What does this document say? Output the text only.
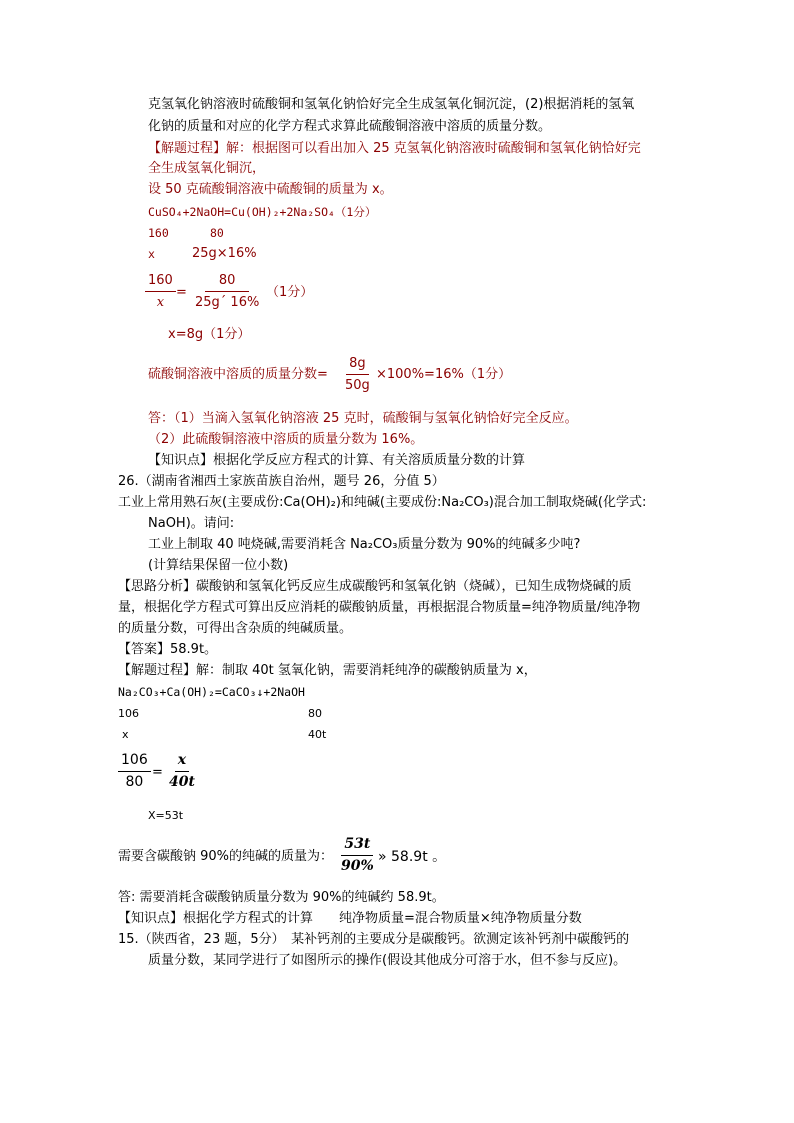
克氢氧化钠溶液时硫酸铜和氢氧化钠恰好完全生成氢氧化铜沉淀，(2)根据消耗的氢氧
化钠的质量和对应的化学方程式求算此硫酸铜溶液中溶质的质量分数。
【解题过程】解：根据图可以看出加入 25 克氢氧化钠溶液时硫酸铜和氢氧化钠恰好完
全生成氢氧化铜沉，
设 50 克硫酸铜溶液中硫酸铜的质量为 x。
CuSO₄+2NaOH=Cu(OH)₂+2Na₂SO₄（1分）
160	80
x	25g×16%
$\frac{160}{x} = \frac{80}{25g´ 16\%} (1$分）
x=8g（1分）
硫酸铜溶液中溶质的质量分数= $\frac{8g}{50g} \times 100\%=16\%(1$分）
答：（1）当滴入氢氧化钠溶液 25 克时，硫酸铜与氢氧化钠恰好完全反应。
（2）此硫酸铜溶液中溶质的质量分数为 16%。
【知识点】根据化学反应方程式的计算、有关溶质质量分数的计算
26.（湖南省湘西土家族苗族自治州，题号 26，分值 5）
工业上常用熟石灰(主要成份:Ca(OH)₂)和纯碱(主要成份:Na₂CO₃)混合加工制取烧碱(化学式:
NaOH)。请问:
工业上制取 40 吨烧碱,需要消耗含 Na₂CO₃质量分数为 90%的纯碱多少吨?
(计算结果保留一位小数)
【思路分析】碳酸钠和氢氧化钙反应生成碳酸钙和氢氧化钠（烧碱），已知生成物烧碱的质
量，根据化学方程式可算出反应消耗的碳酸钠质量，再根据混合物质量=纯净物质量/纯净物
的质量分数，可得出含杂质的纯碱质量。
【答案】58.9t。
【解题过程】解：制取 40t 氢氧化钠，需要消耗纯净的碳酸钠质量为 x，
Na₂CO₃+Ca(OH)₂=CaCO₃↓+2NaOH
106	80
x	40t
$\frac{106}{80} = \frac{x}{40t}$
X=53t
需要含碳酸钠 90%的纯碱的质量为： $\frac{53t}{90\%}$ » 58.9t 。
答: 需要消耗含碳酸钠质量分数为 90%的纯碱约 58.9t。
【知识点】根据化学方程式的计算　　纯净物质量=混合物质量×纯净物质量分数
15.（陕西省，23 题，5分）　某补钙剂的主要成分是碳酸钙。欲测定该补钙剂中碳酸钙的
质量分数，某同学进行了如图所示的操作(假设其他成分可溶于水，但不参与反应)。
